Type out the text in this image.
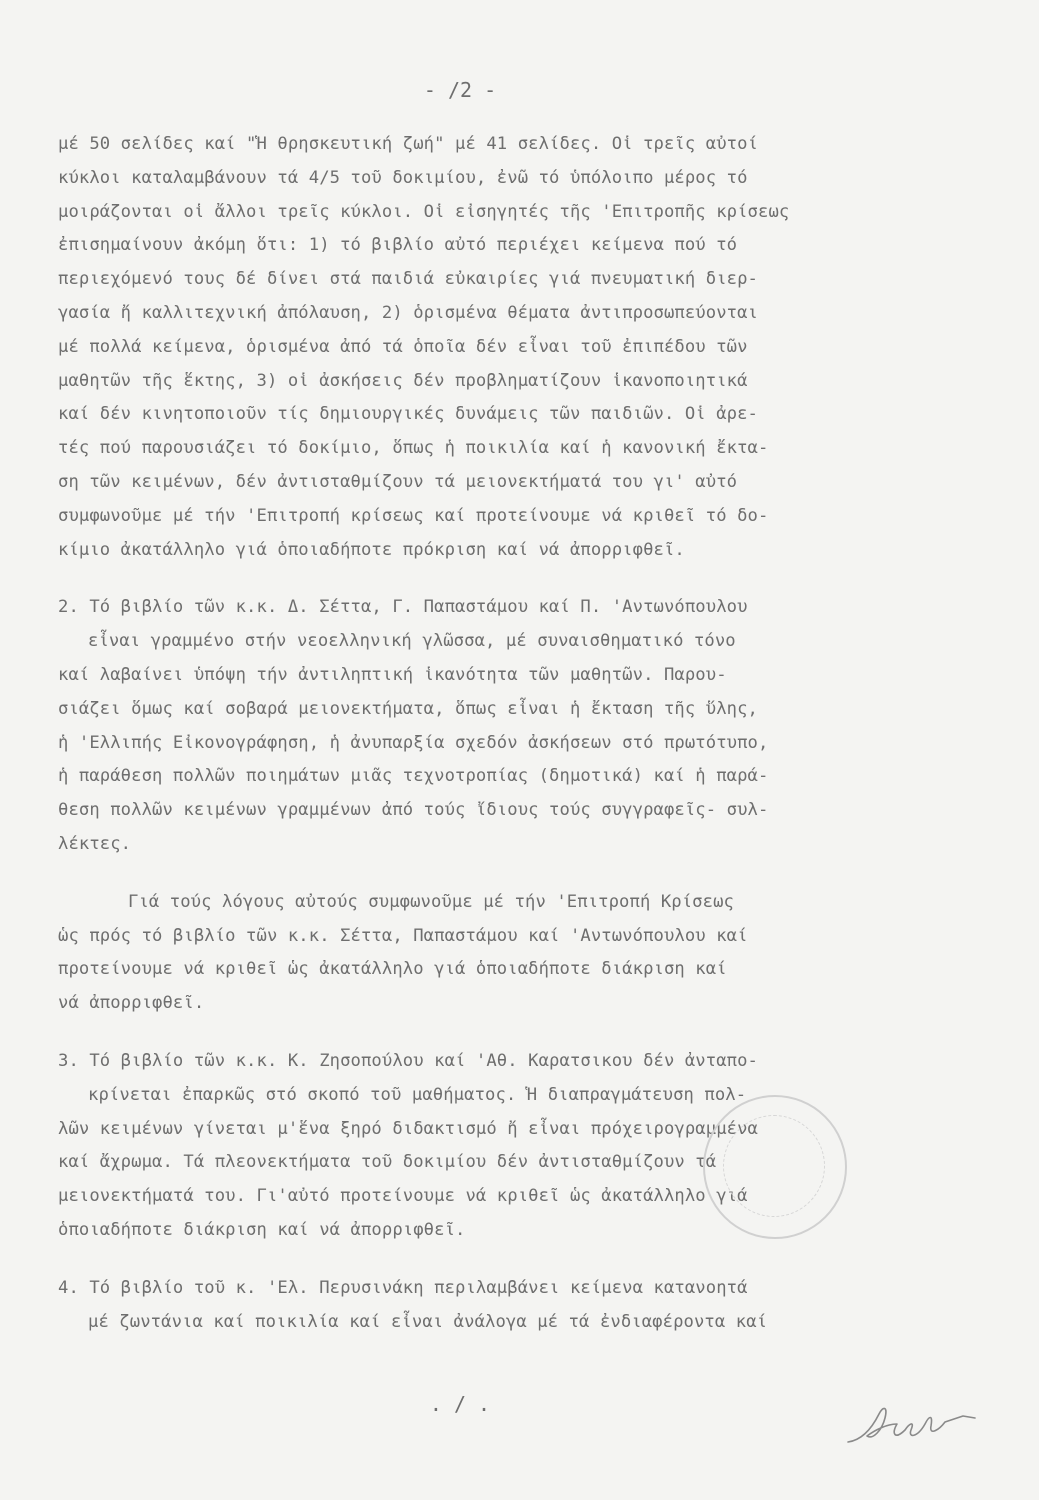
- /2 -
μέ 50 σελίδες καί "Ἡ θρησκευτική ζωή" μέ 41 σελίδες. Οἱ τρεῖς αὐτοί
κύκλοι καταλαμβάνουν τά 4/5 τοῦ δοκιμίου, ἐνῶ τό ὑπόλοιπο μέρος τό
μοιράζονται οἱ ἄλλοι τρεῖς κύκλοι. Οἱ εἰσηγητές τῆς 'Επιτροπῆς κρίσεως
ἐπισημαίνουν ἀκόμη ὅτι: 1) τό βιβλίο αὐτό περιέχει κείμενα πού τό
περιεχόμενό τους δέ δίνει στά παιδιά εὐκαιρίες γιά πνευματική διερ-
γασία ἤ καλλιτεχνική ἀπόλαυση, 2) ὁρισμένα θέματα ἀντιπροσωπεύονται
μέ πολλά κείμενα, ὁρισμένα ἀπό τά ὁποῖα δέν εἶναι τοῦ ἐπιπέδου τῶν
μαθητῶν τῆς ἕκτης, 3) οἱ ἀσκήσεις δέν προβληματίζουν ἱκανοποιητικά
καί δέν κινητοποιοῦν τίς δημιουργικές δυνάμεις τῶν παιδιῶν. Οἱ ἀρε-
τές πού παρουσιάζει τό δοκίμιο, ὅπως ἡ ποικιλία καί ἡ κανονική ἔκτα-
ση τῶν κειμένων, δέν ἀντισταθμίζουν τά μειονεκτήματά του γι' αὐτό
συμφωνοῦμε μέ τήν 'Επιτροπή κρίσεως καί προτείνουμε νά κριθεῖ τό δο-
κίμιο ἀκατάλληλο γιά ὁποιαδήποτε πρόκριση καί νά ἀπορριφθεῖ.
2. Τό βιβλίο τῶν κ.κ. Δ. Σέττα, Γ. Παπαστάμου καί Π. 'Αντωνόπουλου
εἶναι γραμμένο στήν νεοελληνική γλῶσσα, μέ συναισθηματικό τόνο
καί λαβαίνει ὑπόψη τήν ἀντιληπτική ἱκανότητα τῶν μαθητῶν. Παρου-
σιάζει ὅμως καί σοβαρά μειονεκτήματα, ὅπως εἶναι ἡ ἔκταση τῆς ὕλης,
ἡ 'Ελλιπής Εἰκονογράφηση, ἡ ἀνυπαρξία σχεδόν ἀσκήσεων στό πρωτότυπο,
ἡ παράθεση πολλῶν ποιημάτων μιᾶς τεχνοτροπίας (δημοτικά) καί ἡ παρά-
θεση πολλῶν κειμένων γραμμένων ἀπό τούς ἴδιους τούς συγγραφεῖς- συλ-
λέκτες.
Γιά τούς λόγους αὐτούς συμφωνοῦμε μέ τήν 'Επιτροπή Κρίσεως
ὡς πρός τό βιβλίο τῶν κ.κ. Σέττα, Παπαστάμου καί 'Αντωνόπουλου καί
προτείνουμε νά κριθεῖ ὡς ἀκατάλληλο γιά ὁποιαδήποτε διάκριση καί
νά ἀπορριφθεῖ.
3. Τό βιβλίο τῶν κ.κ. Κ. Ζησοπούλου καί 'Αθ. Καρατσικου δέν ἀνταπο-
κρίνεται ἐπαρκῶς στό σκοπό τοῦ μαθήματος. Ἡ διαπραγμάτευση πολ-
λῶν κειμένων γίνεται μ'ἕνα ξηρό διδακτισμό ἤ εἶναι πρόχειρογραμμένα
καί ἄχρωμα. Τά πλεονεκτήματα τοῦ δοκιμίου δέν ἀντισταθμίζουν τά
μειονεκτήματά του. Γι'αὐτό προτείνουμε νά κριθεῖ ὡς ἀκατάλληλο γιά
ὁποιαδήποτε διάκριση καί νά ἀπορριφθεῖ.
4. Τό βιβλίο τοῦ κ. 'Ελ. Περυσινάκη περιλαμβάνει κείμενα κατανοητά
μέ ζωντάνια καί ποικιλία καί εἶναι ἀνάλογα μέ τά ἐνδιαφέροντα καί
. / .
